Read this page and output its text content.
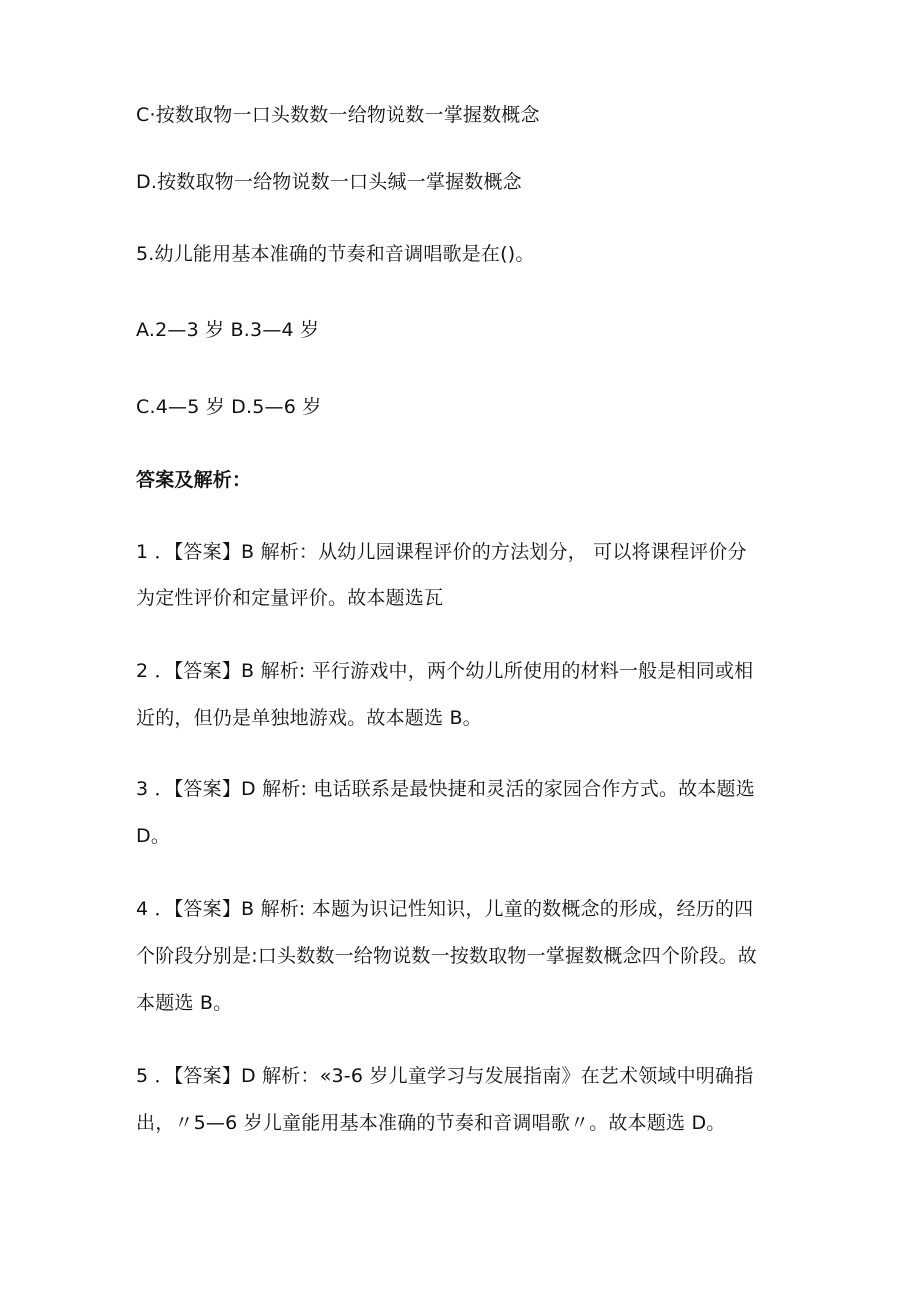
C·按数取物一口头数数一给物说数一掌握数概念
D.按数取物一给物说数一口头缄一掌握数概念
5.幼儿能用基本准确的节奏和音调唱歌是在()。
A.2—3 岁 B.3—4 岁
C.4—5 岁 D.5—6 岁
答案及解析：
1 ．【答案】B 解析：从幼儿园课程评价的方法划分， 可以将课程评价分
为定性评价和定量评价。故本题选瓦
2 ．【答案】B 解析: 平行游戏中，两个幼儿所使用的材料一般是相同或相
近的，但仍是单独地游戏。故本题选 B。
3 ．【答案】D 解析: 电话联系是最快捷和灵活的家园合作方式。故本题选
D。
4 ．【答案】B 解析: 本题为识记性知识，儿童的数概念的形成，经历的四
个阶段分别是:口头数数一给物说数一按数取物一掌握数概念四个阶段。故
本题选 B。
5 ．【答案】D 解析：«3-6 岁儿童学习与发展指南》在艺术领域中明确指
出，〃5—6 岁儿童能用基本准确的节奏和音调唱歌〃。故本题选 D。
